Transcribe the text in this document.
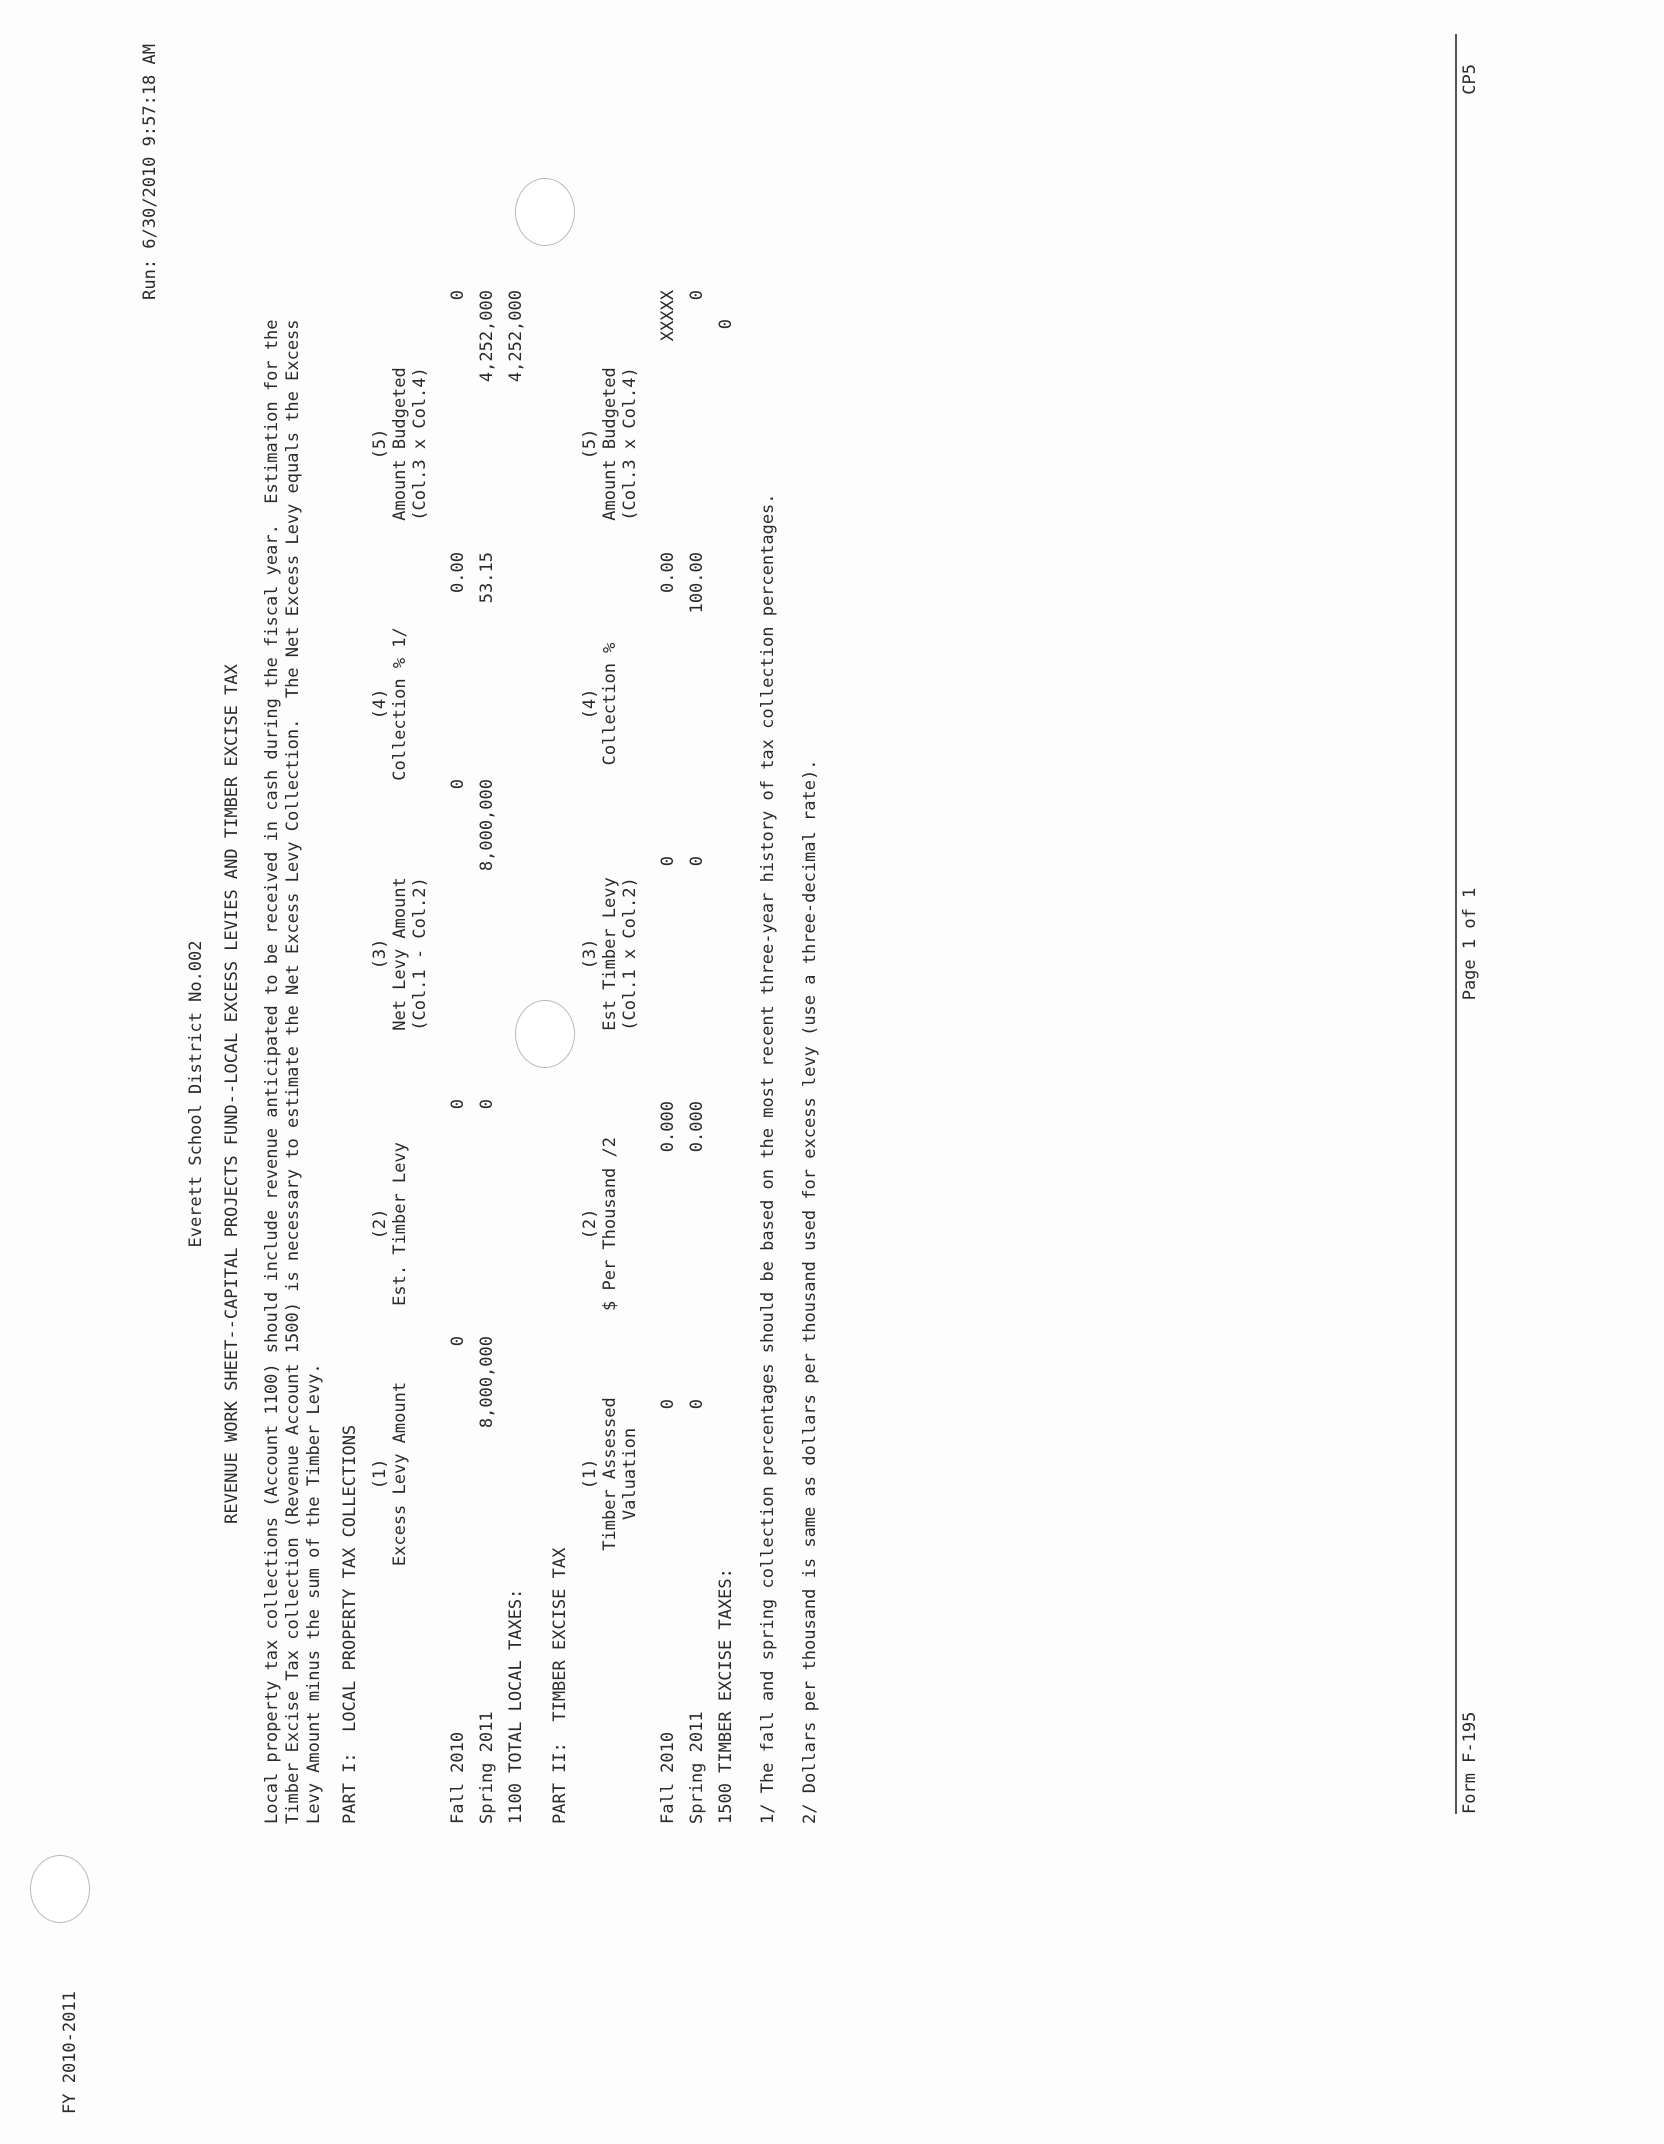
FY 2010-2011
Run: 6/30/2010 9:57:18 AM
Everett School District No.002 REVENUE WORK SHEET--CAPITAL PROJECTS FUND--LOCAL EXCESS LEVIES AND TIMBER EXCISE TAX Local property tax collections (Account 1100) should include revenue anticipated to be received in cash during the fiscal year.  Estimation for the Timber Excise Tax collection (Revenue Account 1500) is necessary to estimate the Net Excess Levy Collection.  The Net Excess Levy equals the Excess Levy Amount minus the sum of the Timber Levy. PART I:  LOCAL PROPERTY TAX COLLECTIONS (1) Excess Levy Amount
(2) Est. Timber Levy
(3) Net Levy Amount (Col.1 - Col.2)
(4) Collection % 1/
(5) Amount Budgeted (Col.3 x Col.4)
Fall 2010
0
0
0
0.00
0
Spring 2011
8,000,000
0
8,000,000
53.15
4,252,000
1100 TOTAL LOCAL TAXES:
4,252,000
PART II:  TIMBER EXCISE TAX
(1) Timber Assessed Valuation
(2) $ Per Thousand /2
(3) Est Timber Levy (Col.1 x Col.2)
(4) Collection %
(5) Amount Budgeted (Col.3 x Col.4)
Fall 2010
0
0.000
0
0.00
XXXXX
Spring 2011
0
0.000
0
100.00
0
1500 TIMBER EXCISE TAXES:
0
1/ The fall and spring collection percentages should be based on the most recent three-year history of tax collection percentages. 2/ Dollars per thousand is same as dollars per thousand used for excess levy (use a three-decimal rate).	Form F-195
Page 1 of 1
CP5
